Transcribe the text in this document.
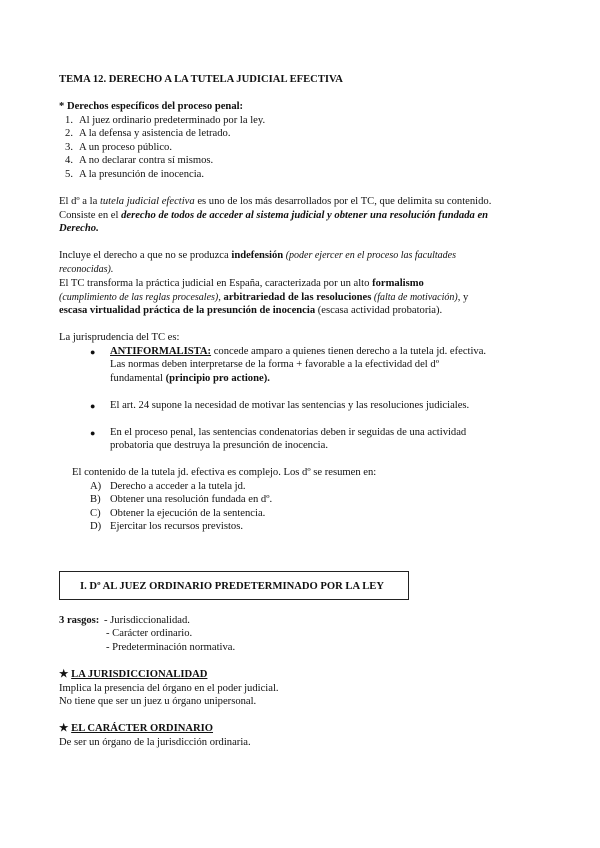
TEMA 12. DERECHO A LA TUTELA JUDICIAL EFECTIVA
* Derechos específicos del proceso penal:
1. Al juez ordinario predeterminado por la ley.
2. A la defensa y asistencia de letrado.
3. A un proceso público.
4. A no declarar contra sí mismos.
5. A la presunción de inocencia.
El dº a la tutela judicial efectiva es uno de los más desarrollados por el TC, que delimita su contenido.
Consiste en el derecho de todos de acceder al sistema judicial y obtener una resolución fundada en
Derecho.
Incluye el derecho a que no se produzca indefensión (poder ejercer en el proceso las facultades
reconocidas).
El TC transforma la práctica judicial en España, caracterizada por un alto formalismo
(cumplimiento de las reglas procesales), arbitrariedad de las resoluciones (falta de motivación), y
escasa virtualidad práctica de la presunción de inocencia (escasa actividad probatoria).
La jurisprudencia del TC es:
● ANTIFORMALISTA: concede amparo a quienes tienen derecho a la tutela jd. efectiva.
Las normas deben interpretarse de la forma + favorable a la efectividad del dº
fundamental (principio pro actione).
● El art. 24 supone la necesidad de motivar las sentencias y las resoluciones judiciales.
● En el proceso penal, las sentencias condenatorias deben ir seguidas de una actividad
probatoria que destruya la presunción de inocencia.
El contenido de la tutela jd. efectiva es complejo. Los dº se resumen en:
A) Derecho a acceder a la tutela jd.
B) Obtener una resolución fundada en dº.
C) Obtener la ejecución de la sentencia.
D) Ejercitar los recursos previstos.
I. Dº AL JUEZ ORDINARIO PREDETERMINADO POR LA LEY
3 rasgos: - Jurisdiccionalidad.
- Carácter ordinario.
- Predeterminación normativa.
★ LA JURISDICCIONALIDAD
Implica la presencia del órgano en el poder judicial.
No tiene que ser un juez u órgano unipersonal.
★ EL CARÁCTER ORDINARIO
De ser un órgano de la jurisdicción ordinaria.
